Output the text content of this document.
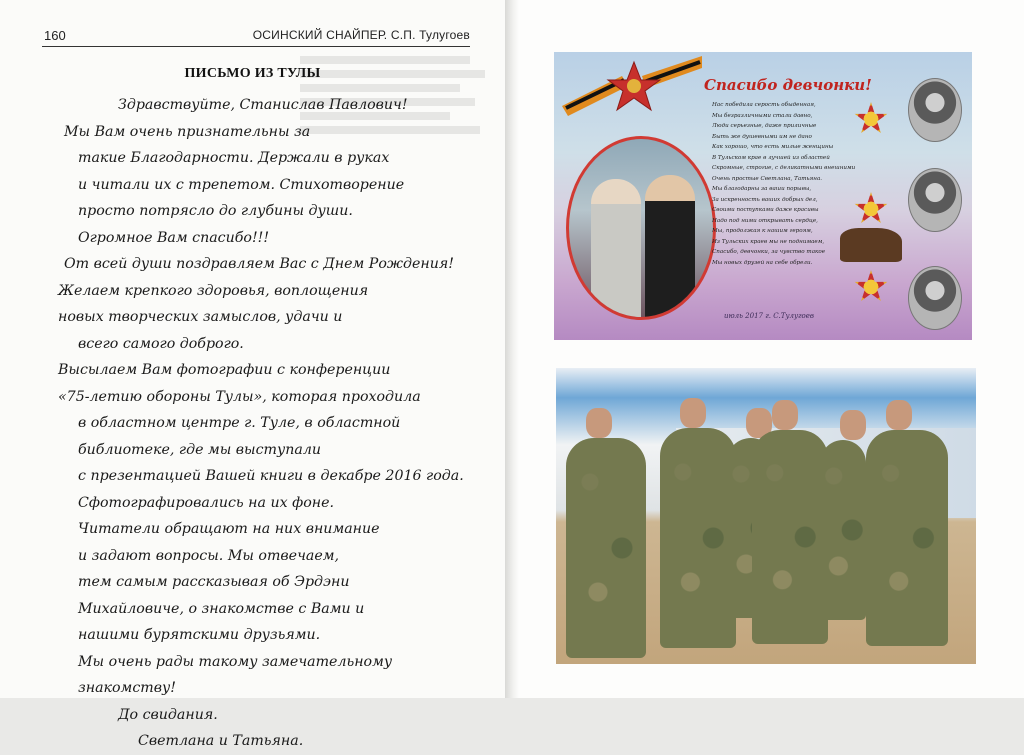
160	ОСИНСКИЙ СНАЙПЕР. С.П. Тулугоев
ПИСЬМО ИЗ ТУЛЫ
Здравствуйте, Станислав Павлович!
Мы Вам очень признательны за
такие Благодарности. Держали в руках
и читали их с трепетом. Стихотворение
просто потрясло до глубины души.
Огромное Вам спасибо!!!
От всей души поздравляем Вас с Днем Рождения!
Желаем крепкого здоровья, воплощения
новых творческих замыслов, удачи и
всего самого доброго.
Высылаем Вам фотографии с конференции
«75-летию обороны Тулы», которая проходила
в областном центре г. Туле, в областной
библиотеке, где мы выступали
с презентацией Вашей книги в декабре 2016 года.
Сфотографировались на их фоне.
Читатели обращают на них внимание
и задают вопросы. Мы отвечаем,
тем самым рассказывая об Эрдэни
Михайловиче, о знакомстве с Вами и
нашими бурятскими друзьями.
Мы очень рады такому замечательному
знакомству!
До свидания.
Светлана и Татьяна.
Спасибо девчонки!
Нас победила серость обыденная,
Мы безразличными стали давно,
Люди серьезные, даже приличные
Быть же душевными им не дано
Как хорошо, что есть милые женщины
В Тульском крае в лучшей из областей
Скромные, строгие, с деликатными внешними
Очень простые Светлана, Татьяна.
Мы благодарны за ваши порывы,
За искренность ваших добрых дел,
Своими поступками даже красивы
Надо под ними открывать сердце,
Мы, продолжая к нашим героям,
Из Тульских краев мы не поднимаем,
Спасибо, девчонки, за чувство такое
Мы новых друзей на себе обрели.
июль 2017 г. С.Тулугоев
